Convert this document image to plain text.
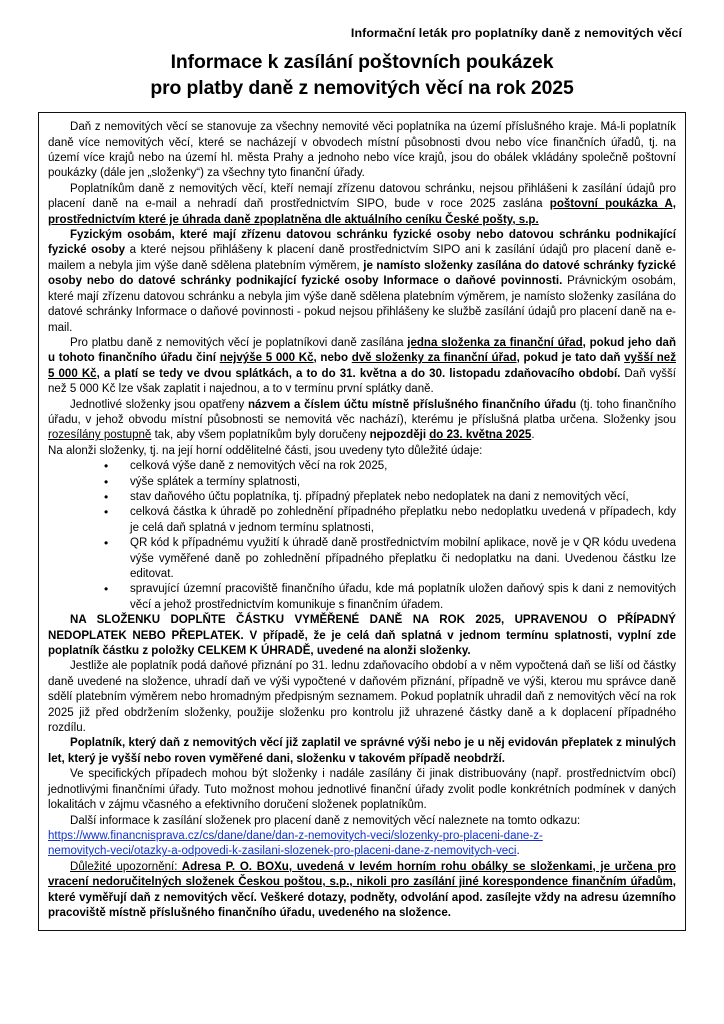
Informační leták pro poplatníky daně z nemovitých věcí
Informace k zasílání poštovních poukázek
pro platby daně z nemovitých věcí na rok 2025

Daň z nemovitých věcí se stanovuje za všechny nemovité věci poplatníka na území příslušného kraje. Má-li poplatník daně více nemovitých věcí, které se nacházejí v obvodech místní působnosti dvou nebo více finančních úřadů, tj. na území více krajů nebo na území hl. města Prahy a jednoho nebo více krajů, jsou do obálek vkládány společně poštovní poukázky (dále jen „složenky“) za všechny tyto finanční úřady.

Poplatníkům daně z nemovitých věcí, kteří nemají zřízenu datovou schránku, nejsou přihlášeni k zasílání údajů pro placení daně na e-mail a nehradí daň prostřednictvím SIPO, bude v roce 2025 zaslána poštovní poukázka A, prostřednictvím které je úhrada daně zpoplatněna dle aktuálního ceníku České pošty, s.p.

Fyzickým osobám, které mají zřízenu datovou schránku fyzické osoby nebo datovou schránku podnikající fyzické osoby a které nejsou přihlášeny k placení daně prostřednictvím SIPO ani k zasílání údajů pro placení daně e-mailem a nebyla jim výše daně sdělena platebním výměrem, je namísto složenky zasílána do datové schránky fyzické osoby nebo do datové schránky podnikající fyzické osoby Informace o daňové povinnosti. Právnickým osobám, které mají zřízenu datovou schránku a nebyla jim výše daně sdělena platebním výměrem, je namísto složenky zasílána do datové schránky Informace o daňové povinnosti - pokud nejsou přihlášeny ke službě zasílání údajů pro placení daně na e-mail.

Pro platbu daně z nemovitých věcí je poplatníkovi daně zasílána jedna složenka za finanční úřad, pokud jeho daň u tohoto finančního úřadu činí nejvýše 5 000 Kč, nebo dvě složenky za finanční úřad, pokud je tato daň vyšší než 5 000 Kč, a platí se tedy ve dvou splátkách, a to do 31. května a do 30. listopadu zdaňovacího období. Daň vyšší než 5 000 Kč lze však zaplatit i najednou, a to v termínu první splátky daně.

Jednotlivé složenky jsou opatřeny názvem a číslem účtu místně příslušného finančního úřadu (tj. toho finančního úřadu, v jehož obvodu místní působnosti se nemovitá věc nachází), kterému je příslušná platba určena. Složenky jsou rozesílány postupně tak, aby všem poplatníkům byly doručeny nejpozději do 23. května 2025.

Na alonži složenky, tj. na její horní oddělitelné části, jsou uvedeny tyto důležité údaje:

• celková výše daně z nemovitých věcí na rok 2025,
• výše splátek a termíny splatnosti,
• stav daňového účtu poplatníka, tj. případný přeplatek nebo nedoplatek na dani z nemovitých věcí,
• celková částka k úhradě po zohlednění případného přeplatku nebo nedoplatku uvedená v případech, kdy je celá daň splatná v jednom termínu splatnosti,
• QR kód k případnému využití k úhradě daně prostřednictvím mobilní aplikace, nově je v QR kódu uvedena výše vyměřené daně po zohlednění případného přeplatku či nedoplatku na dani. Uvedenou částku lze editovat.
• spravující územní pracoviště finančního úřadu, kde má poplatník uložen daňový spis k dani z nemovitých věcí a jehož prostřednictvím komunikuje s finančním úřadem.

NA SLOŽENKU DOPLŇTE ČÁSTKU VYMĚŘENÉ DANĚ NA ROK 2025, UPRAVENOU O PŘÍPADNÝ NEDOPLATEK NEBO PŘEPLATEK. V případě, že je celá daň splatná v jednom termínu splatnosti, vyplní zde poplatník částku z položky CELKEM K ÚHRADĚ, uvedené na alonži složenky.

Jestliže ale poplatník podá daňové přiznání po 31. lednu zdaňovacího období a v něm vypočtená daň se liší od částky daně uvedené na složence, uhradí daň ve výši vypočtené v daňovém přiznání, případně ve výši, kterou mu správce daně sdělí platebním výměrem nebo hromadným předpisným seznamem. Pokud poplatník uhradil daň z nemovitých věcí na rok 2025 již před obdržením složenky, použije složenku pro kontrolu již uhrazené částky daně a k doplacení případného rozdílu.

Poplatník, který daň z nemovitých věcí již zaplatil ve správné výši nebo je u něj evidován přeplatek z minulých let, který je vyšší nebo roven vyměřené dani, složenku v takovém případě neobdrží.

Ve specifických případech mohou být složenky i nadále zasílány či jinak distribuovány (např. prostřednictvím obcí) jednotlivými finančními úřady. Tuto možnost mohou jednotlivé finanční úřady zvolit podle konkrétních podmínek v daných lokalitách v zájmu včasného a efektivního doručení složenek poplatníkům.

Další informace k zasílání složenek pro placení daně z nemovitých věcí naleznete na tomto odkazu:

https://www.financnisprava.cz/cs/dane/dane/dan-z-nemovitych-veci/slozenky-pro-placeni-dane-z-
nemovitych-veci/otazky-a-odpovedi-k-zasilani-slozenek-pro-placeni-dane-z-nemovitych-veci.

Důležité upozornění: Adresa P. O. BOXu, uvedená v levém horním rohu obálky se složenkami, je určena pro vracení nedoručitelných složenek Českou poštou, s.p., nikoli pro zasílání jiné korespondence finančním úřadům, které vyměřují daň z nemovitých věcí. Veškeré dotazy, podněty, odvolání apod. zasílejte vždy na adresu územního pracoviště místně příslušného finančního úřadu, uvedeného na složence.
